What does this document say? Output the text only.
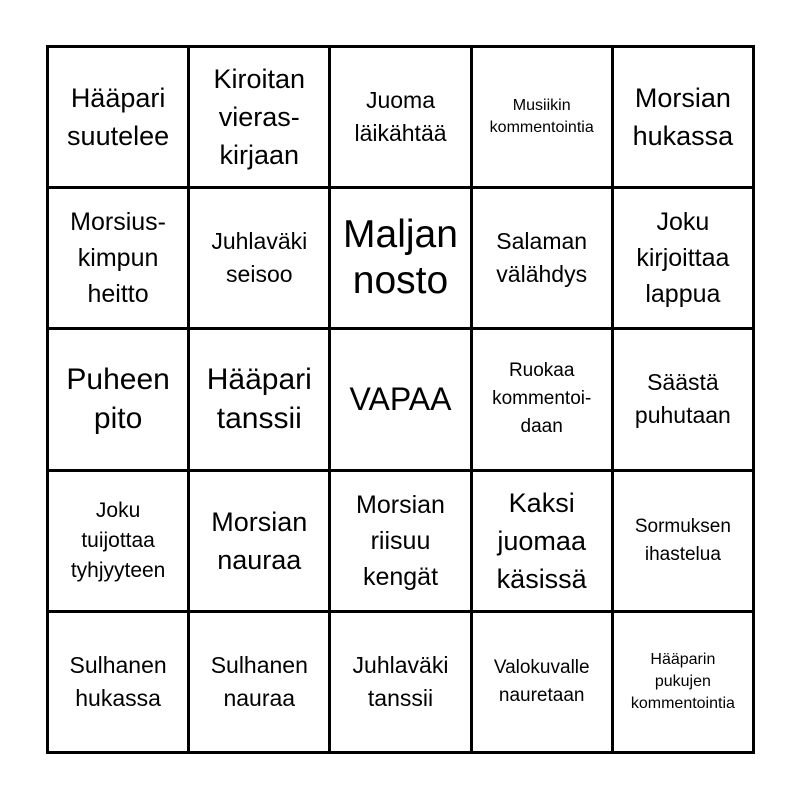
Hääpari
suutelee
Kiroitan
vieras-
kirjaan
Juoma
läikähtää
Musiikin
kommentointia
Morsian
hukassa
Morsius-
kimpun
heitto
Juhlaväki
seisoo
Maljan
nosto
Salaman
välähdys
Joku
kirjoittaa
lappua
Puheen
pito
Hääpari
tanssii
VAPAA
Ruokaa
kommentoi-
daan
Säästä
puhutaan
Joku
tuijottaa
tyhjyyteen
Morsian
nauraa
Morsian
riisuu
kengät
Kaksi
juomaa
käsissä
Sormuksen
ihastelua
Sulhanen
hukassa
Sulhanen
nauraa
Juhlaväki
tanssii
Valokuvalle
nauretaan
Hääparin
pukujen
kommentointia
